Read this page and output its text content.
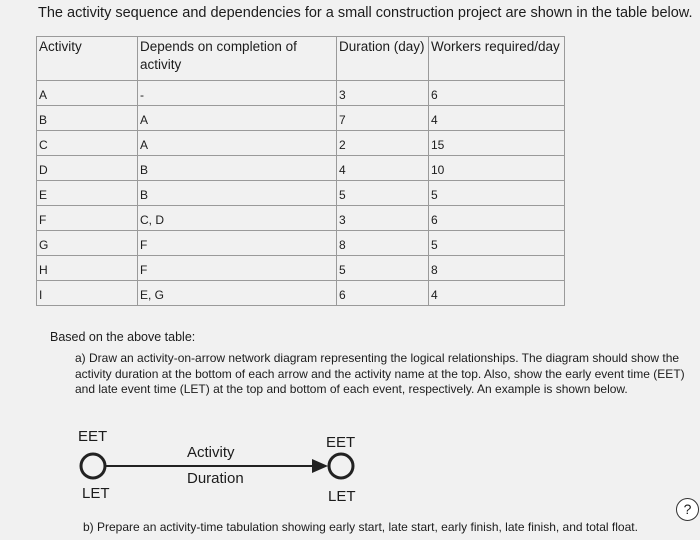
The activity sequence and dependencies for a small construction project are shown in the table below.
Activity	Depends on completion of activity	Duration (day)	Workers required/day
A	-	3	6
B	A	7	4
C	A	2	15
D	B	4	10
E	B	5	5
F	C, D	3	6
G	F	8	5
H	F	5	8
I	E, G	6	4
Based on the above table:
a) Draw an activity-on-arrow network diagram representing the logical relationships. The diagram should show the activity duration at the bottom of each arrow and the activity name at the top. Also, show the early event time (EET) and late event time (LET) at the top and bottom of each event, respectively. An example is shown below.
EET
LET
Activity
Duration
EET
LET
b) Prepare an activity-time tabulation showing early start, late start, early finish, late finish, and total float.
?
